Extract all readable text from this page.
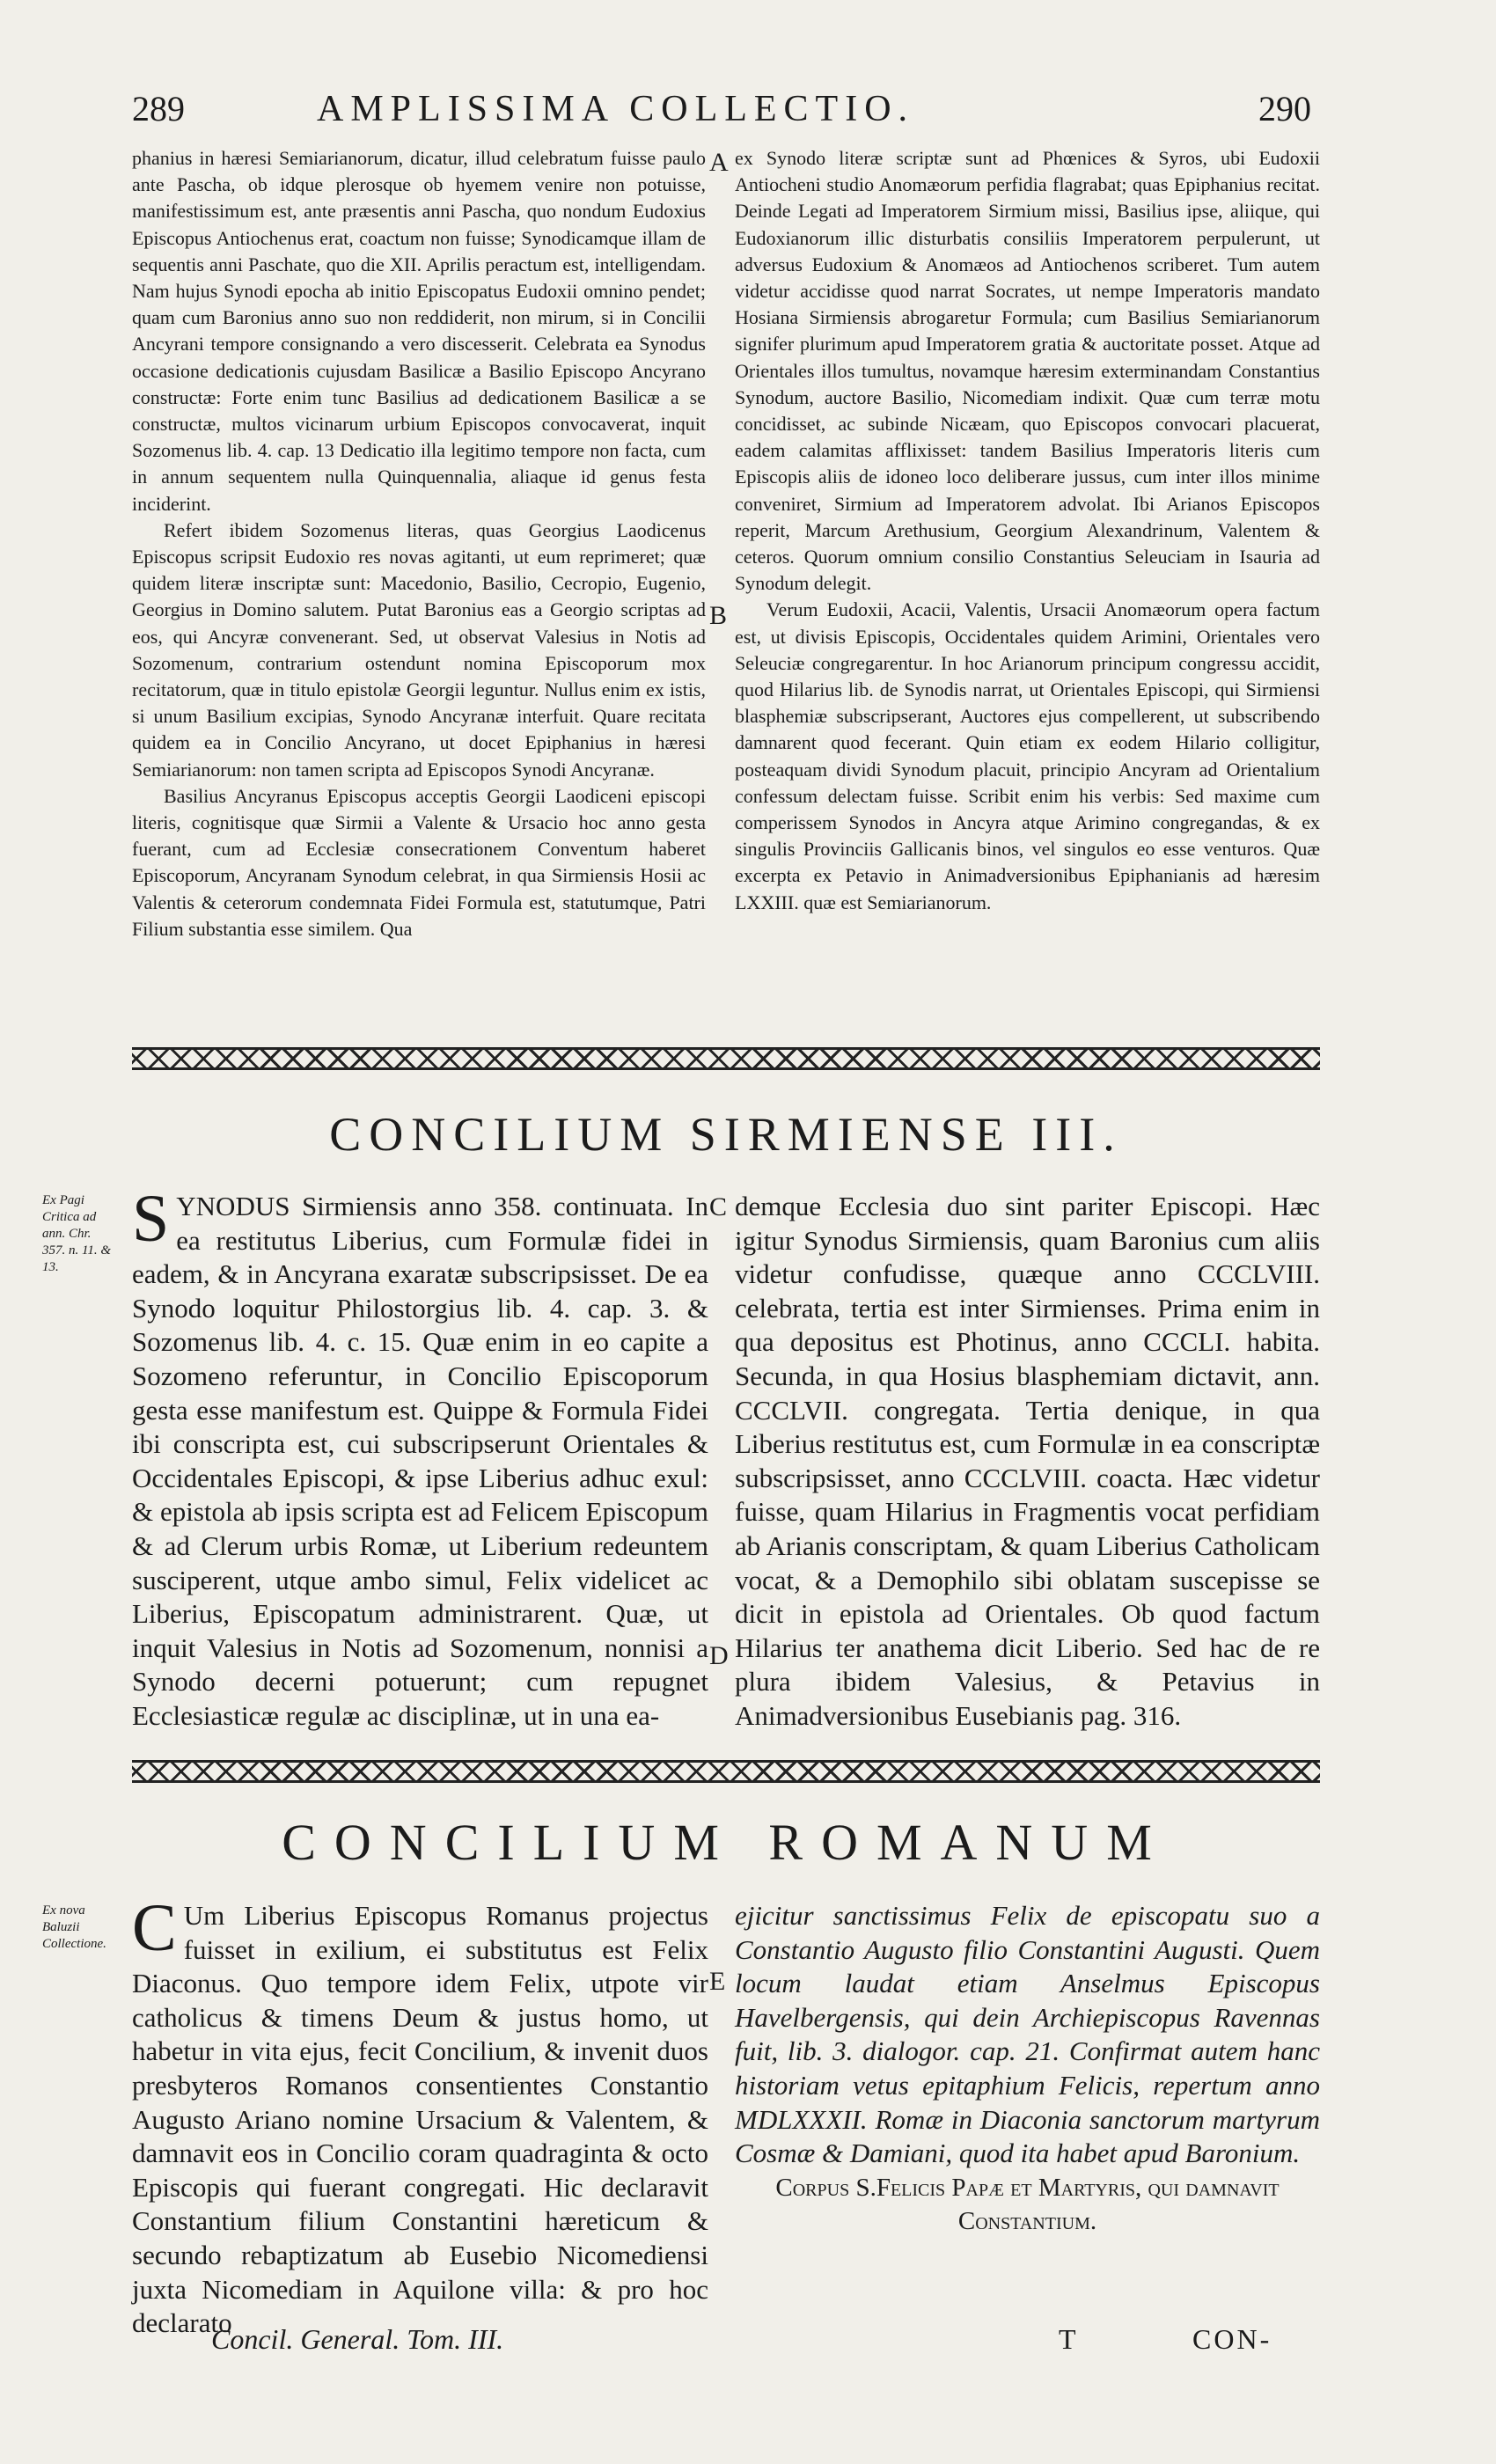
289	AMPLISSIMA COLLECTIO.	290

phanius in hæresi Semiarianorum, dicatur, illud celebratum fuisse paulo ante Pascha, ob idque plerosque ob hyemem venire non potuisse, manifestissimum est, ante præsentis anni Pascha, quo nondum Eudoxius Episcopus Antiochenus erat, coactum non fuisse; Synodicamque illam de sequentis anni Paschate, quo die XII. Aprilis peractum est, intelligendam. Nam hujus Synodi epocha ab initio Episcopatus Eudoxii omnino pendet; quam cum Baronius anno suo non reddiderit, non mirum, si in Concilii Ancyrani tempore consignando a vero discesserit. Celebrata ea Synodus occasione dedicationis cujusdam Basilicæ a Basilio Episcopo Ancyrano constructæ: Forte enim tunc Basilius ad dedicationem Basilicæ a se constructæ, multos vicinarum urbium Episcopos convocaverat, inquit Sozomenus lib. 4. cap. 13 Dedicatio illa legitimo tempore non facta, cum in annum sequentem nulla Quinquennalia, aliaque id genus festa inciderint.

Refert ibidem Sozomenus literas, quas Georgius Laodicenus Episcopus scripsit Eudoxio res novas agitanti, ut eum reprimeret; quæ quidem literæ inscriptæ sunt: Macedonio, Basilio, Cecropio, Eugenio, Georgius in Domino salutem. Putat Baronius eas a Georgio scriptas ad eos, qui Ancyræ convenerant. Sed, ut observat Valesius in Notis ad Sozomenum, contrarium ostendunt nomina Episcoporum mox recitatorum, quæ in titulo epistolæ Georgii leguntur. Nullus enim ex istis, si unum Basilium excipias, Synodo Ancyranæ interfuit. Quare recitata quidem ea in Concilio Ancyrano, ut docet Epiphanius in hæresi Semiarianorum: non tamen scripta ad Episcopos Synodi Ancyranæ.

Basilius Ancyranus Episcopus acceptis Georgii Laodiceni episcopi literis, cognitisque quæ Sirmii a Valente & Ursacio hoc anno gesta fuerant, cum ad Ecclesiæ consecrationem Conventum haberet Episcoporum, Ancyranam Synodum celebrat, in qua Sirmiensis Hosii ac Valentis & ceterorum condemnata Fidei Formula est, statutumque, Patri Filium substantia esse similem. Qua

ex Synodo literæ scriptæ sunt ad Phœnices & Syros, ubi Eudoxii Antiocheni studio Anomæorum perfidia flagrabat; quas Epiphanius recitat. Deinde Legati ad Imperatorem Sirmium missi, Basilius ipse, aliique, qui Eudoxianorum illic disturbatis consiliis Imperatorem perpulerunt, ut adversus Eudoxium & Anomæos ad Antiochenos scriberet. Tum autem videtur accidisse quod narrat Socrates, ut nempe Imperatoris mandato Hosiana Sirmiensis abrogaretur Formula; cum Basilius Semiarianorum signifer plurimum apud Imperatorem gratia & auctoritate posset. Atque ad Orientales illos tumultus, novamque hæresim exterminandam Constantius Synodum, auctore Basilio, Nicomediam indixit. Quæ cum terræ motu concidisset, ac subinde Nicæam, quo Episcopos convocari placuerat, eadem calamitas afflixisset: tandem Basilius Imperatoris literis cum Episcopis aliis de idoneo loco deliberare jussus, cum inter illos minime conveniret, Sirmium ad Imperatorem advolat. Ibi Arianos Episcopos reperit, Marcum Arethusium, Georgium Alexandrinum, Valentem & ceteros. Quorum omnium consilio Constantius Seleuciam in Isauria ad Synodum delegit.

Verum Eudoxii, Acacii, Valentis, Ursacii Anomæorum opera factum est, ut divisis Episcopis, Occidentales quidem Arimini, Orientales vero Seleuciæ congregarentur. In hoc Arianorum principum congressu accidit, quod Hilarius lib. de Synodis narrat, ut Orientales Episcopi, qui Sirmiensi blasphemiæ subscripserant, Auctores ejus compellerent, ut subscribendo damnarent quod fecerant. Quin etiam ex eodem Hilario colligitur, posteaquam dividi Synodum placuit, principio Ancyram ad Orientalium confessum delectam fuisse. Scribit enim his verbis: Sed maxime cum comperissem Synodos in Ancyra atque Arimino congregandas, & ex singulis Provinciis Gallicanis binos, vel singulos eo esse venturos. Quæ excerpta ex Petavio in Animadversionibus Epiphanianis ad hæresim LXXIII. quæ est Semiarianorum.

A
B
CONCILIUM SIRMIENSE III.
Ex Pagi Critica ad ann. Chr. 357. n. 11. & 13.
S YNODUS Sirmiensis anno 358. continuata. In ea restitutus Liberius, cum Formulæ fidei in eadem, & in Ancyrana exaratæ subscripsisset. De ea Synodo loquitur Philostorgius lib. 4. cap. 3. & Sozomenus lib. 4. c. 15. Quæ enim in eo capite a Sozomeno referuntur, in Concilio Episcoporum gesta esse manifestum est. Quippe & Formula Fidei ibi conscripta est, cui subscripserunt Orientales & Occidentales Episcopi, & ipse Liberius adhuc exul: & epistola ab ipsis scripta est ad Felicem Episcopum & ad Clerum urbis Romæ, ut Liberium redeuntem susciperent, utque ambo simul, Felix videlicet ac Liberius, Episcopatum administrarent. Quæ, ut inquit Valesius in Notis ad Sozomenum, nonnisi a Synodo decerni potuerunt; cum repugnet Ecclesiasticæ regulæ ac disciplinæ, ut in una ea-
demque Ecclesia duo sint pariter Episcopi. Hæc igitur Synodus Sirmiensis, quam Baronius cum aliis videtur confudisse, quæque anno CCCLVIII. celebrata, tertia est inter Sirmienses. Prima enim in qua depositus est Photinus, anno CCCLI. habita. Secunda, in qua Hosius blasphemiam dictavit, ann. CCCLVII. congregata. Tertia denique, in qua Liberius restitutus est, cum Formulæ in ea conscriptæ subscripsisset, anno CCCLVIII. coacta. Hæc videtur fuisse, quam Hilarius in Fragmentis vocat perfidiam ab Arianis conscriptam, & quam Liberius Catholicam vocat, & a Demophilo sibi oblatam suscepisse se dicit in epistola ad Orientales. Ob quod factum Hilarius ter anathema dicit Liberio. Sed hac de re plura ibidem Valesius, & Petavius in Animadversionibus Eusebianis pag. 316.
C
D
CONCILIUM ROMANUM
Ex nova Baluzii Collectione. C Um Liberius Episcopus Romanus projectus fuisset in exilium, ei substitutus est Felix Diaconus. Quo tempore idem Felix, utpote vir catholicus & timens Deum & justus homo, ut habetur in vita ejus, fecit Concilium, & invenit duos presbyteros Romanos consentientes Constantio Augusto Ariano nomine Ursacium & Valentem, & damnavit eos in Concilio coram quadraginta & octo Episcopis qui fuerant congregati. Hic declaravit Constantium filium Constantini hæreticum & secundo rebaptizatum ab Eusebio Nicomediensi juxta Nicomediam in Aquilone villa: & pro hoc declarato

ejicitur sanctissimus Felix de episcopatu suo a Constantio Augusto filio Constantini Augusti. Quem locum laudat etiam Anselmus Episcopus Havelbergensis, qui dein Archiepiscopus Ravennas fuit, lib. 3. dialogor. cap. 21. Confirmat autem hanc historiam vetus epitaphium Felicis, repertum anno MDLXXXII. Romæ in Diaconia sanctorum martyrum Cosmæ & Damiani, quod ita habet apud Baronium.

Corpus S.Felicis Papæ et Martyris, qui damnavit Constantium.

E
Concil. General. Tom. III.	T	CON-
